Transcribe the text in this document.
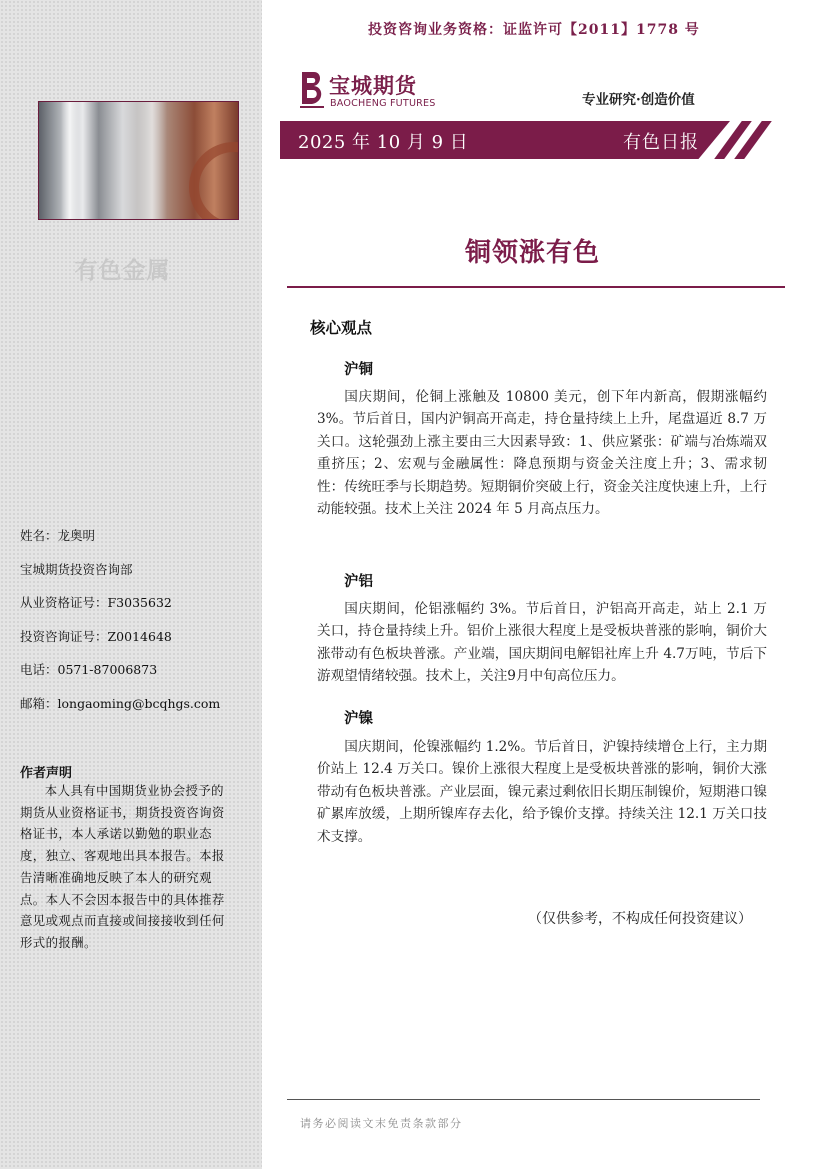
有色金属
姓名：龙奥明
宝城期货投资咨询部
从业资格证号：F3035632
投资咨询证号：Z0014648
电话：0571-87006873
邮箱：longaoming@bcqhgs.com
作者声明
本人具有中国期货业协会授予的期货从业资格证书，期货投资咨询资格证书，本人承诺以勤勉的职业态度，独立、客观地出具本报告。本报告清晰准确地反映了本人的研究观点。本人不会因本报告中的具体推荐意见或观点而直接或间接接收到任何形式的报酬。
投资咨询业务资格：证监许可【2011】1778 号
宝城期货
BAOCHENG FUTURES	专业研究·创造价值
2025 年 10 月 9 日	有色日报
铜领涨有色
核心观点
沪铜
国庆期间，伦铜上涨触及 10800 美元，创下年内新高，假期涨幅约 3%。节后首日，国内沪铜高开高走，持仓量持续上上升，尾盘逼近 8.7 万关口。这轮强劲上涨主要由三大因素导致：1、供应紧张：矿端与冶炼端双重挤压；2、宏观与金融属性：降息预期与资金关注度上升；3、需求韧性：传统旺季与长期趋势。短期铜价突破上行，资金关注度快速上升，上行动能较强。技术上关注 2024 年 5 月高点压力。
沪铝
国庆期间，伦铝涨幅约 3%。节后首日，沪铝高开高走，站上 2.1 万关口，持仓量持续上升。铝价上涨很大程度上是受板块普涨的影响，铜价大涨带动有色板块普涨。产业端，国庆期间电解铝社库上升 4.7万吨，节后下游观望情绪较强。技术上，关注9月中旬高位压力。
沪镍
国庆期间，伦镍涨幅约 1.2%。节后首日，沪镍持续增仓上行，主力期价站上 12.4 万关口。镍价上涨很大程度上是受板块普涨的影响，铜价大涨带动有色板块普涨。产业层面，镍元素过剩依旧长期压制镍价，短期港口镍矿累库放缓，上期所镍库存去化，给予镍价支撑。持续关注 12.1 万关口技术支撑。
（仅供参考，不构成任何投资建议）
请务必阅读文末免责条款部分
